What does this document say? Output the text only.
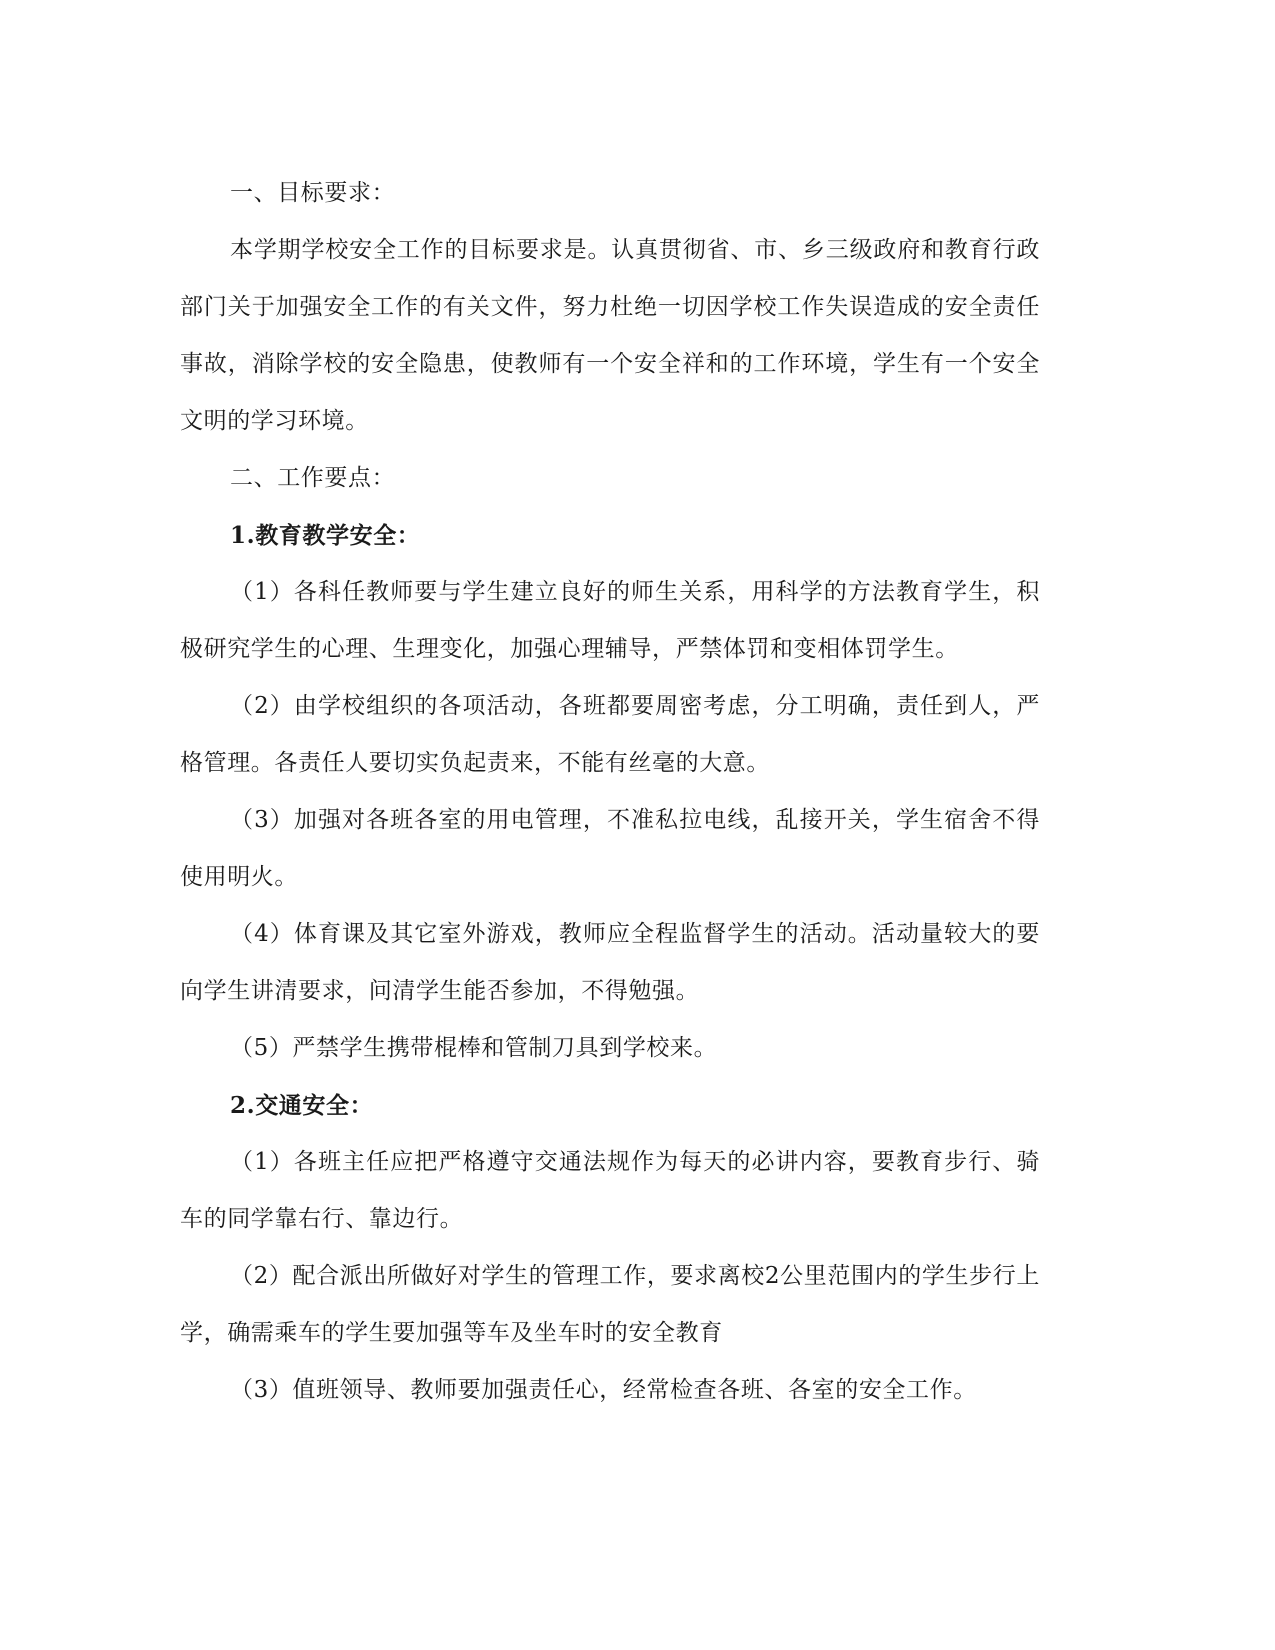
一、目标要求：

本学期学校安全工作的目标要求是。认真贯彻省、市、乡三级政府和教育行政部门关于加强安全工作的有关文件，努力杜绝一切因学校工作失误造成的安全责任事故，消除学校的安全隐患，使教师有一个安全祥和的工作环境，学生有一个安全文明的学习环境。

二、工作要点：

1.教育教学安全：

（1）各科任教师要与学生建立良好的师生关系，用科学的方法教育学生，积极研究学生的心理、生理变化，加强心理辅导，严禁体罚和变相体罚学生。

（2）由学校组织的各项活动，各班都要周密考虑，分工明确，责任到人，严格管理。各责任人要切实负起责来，不能有丝毫的大意。

（3）加强对各班各室的用电管理，不准私拉电线，乱接开关，学生宿舍不得使用明火。

（4）体育课及其它室外游戏，教师应全程监督学生的活动。活动量较大的要向学生讲清要求，问清学生能否参加，不得勉强。

（5）严禁学生携带棍棒和管制刀具到学校来。

2.交通安全：

（1）各班主任应把严格遵守交通法规作为每天的必讲内容，要教育步行、骑车的同学靠右行、靠边行。

（2）配合派出所做好对学生的管理工作，要求离校2公里范围内的学生步行上学，确需乘车的学生要加强等车及坐车时的安全教育

（3）值班领导、教师要加强责任心，经常检查各班、各室的安全工作。
